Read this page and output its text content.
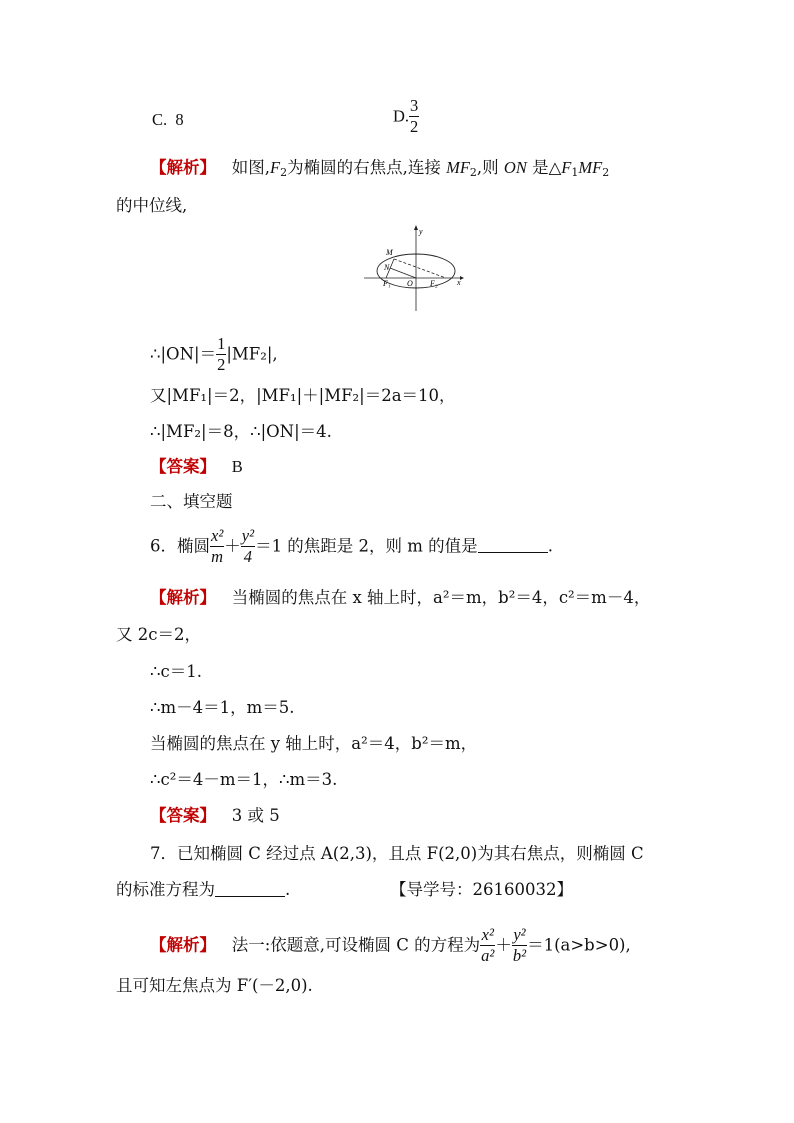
C. 8	D. $\frac{3}{2}$
【解析】 如图$,F_2$为椭圆的右焦点,连接 $MF_2$,则 ON 是$\triangle F_1MF_2$
的中位线,
M
N
O
F₁	F₂
y
x
∴|ON|＝ $\frac{1}{2} |MF_2|$,
又|MF₁|＝2，|MF₁|＋|MF₂|＝2a＝10，
∴|MF₂|＝8，∴|ON|＝4.
【答案】 B
二、填空题
6．椭圆 $\frac{\text{x²}}{m} + \frac{\text{y²}}{4} =1$ 的焦距是 2，则 m 的值是	.
【解析】 当椭圆的焦点在 x 轴上时，a²＝m，b²＝4，c²＝m－4，
又 2c＝2，
∴c＝1.
∴m－4＝1，m＝5.
当椭圆的焦点在 y 轴上时，a²＝4，b²＝m，
∴c²＝4－m＝1，∴m＝3.
【答案】 3 或 5
7．已知椭圆 C 经过点 A(2,3)，且点 F(2,0)为其右焦点，则椭圆 C
的标准方程为	.	【导学号：26160032】
【解析】 法一:依题意,可设椭圆 C 的方程为 $\frac{\text{x²}}{\text{a²}} + \frac{\text{y²}}{\text{b²}} =1(a>b>0)$,
且可知左焦点为 F′(－2,0).
